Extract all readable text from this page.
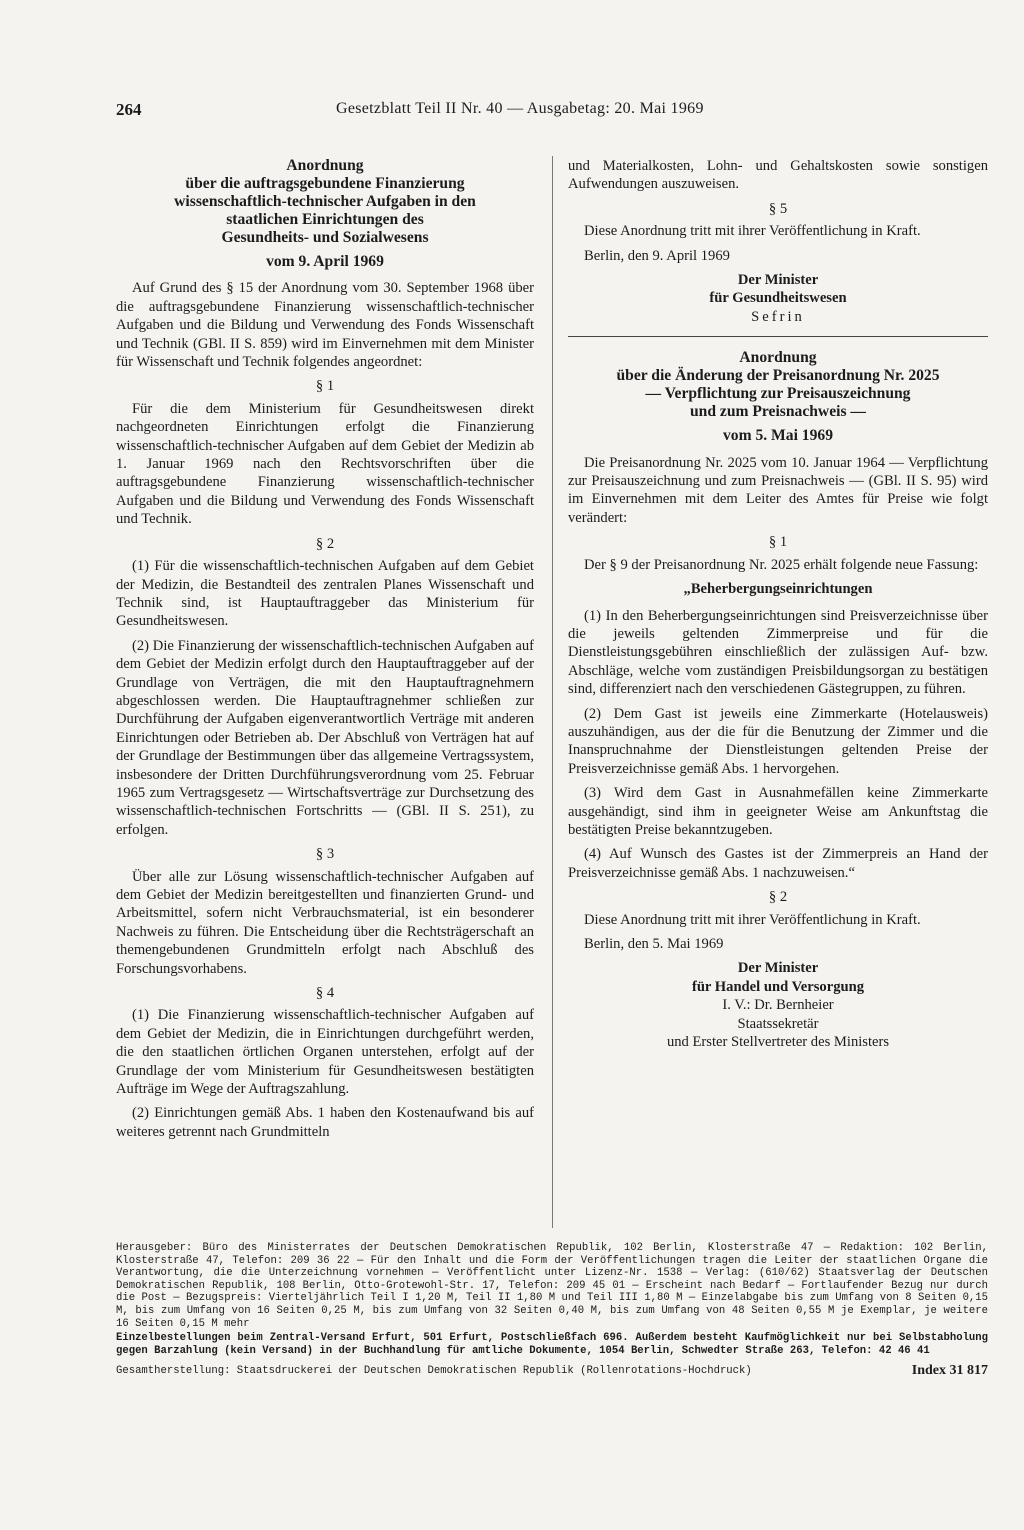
264	Gesetzblatt Teil II Nr. 40 — Ausgabetag: 20. Mai 1969
Anordnung
über die auftragsgebundene Finanzierung
wissenschaftlich-technischer Aufgaben in den
staatlichen Einrichtungen des
Gesundheits- und Sozialwesens
vom 9. April 1969

Auf Grund des § 15 der Anordnung vom 30. September 1968 über die auftragsgebundene Finanzierung wissenschaftlich-technischer Aufgaben und die Bildung und Verwendung des Fonds Wissenschaft und Technik (GBl. II S. 859) wird im Einvernehmen mit dem Minister für Wissenschaft und Technik folgendes angeordnet:

§ 1

Für die dem Ministerium für Gesundheitswesen direkt nachgeordneten Einrichtungen erfolgt die Finanzierung wissenschaftlich-technischer Aufgaben auf dem Gebiet der Medizin ab 1. Januar 1969 nach den Rechtsvorschriften über die auftragsgebundene Finanzierung wissenschaftlich-technischer Aufgaben und die Bildung und Verwendung des Fonds Wissenschaft und Technik.

§ 2

(1) Für die wissenschaftlich-technischen Aufgaben auf dem Gebiet der Medizin, die Bestandteil des zentralen Planes Wissenschaft und Technik sind, ist Hauptauftraggeber das Ministerium für Gesundheitswesen.

(2) Die Finanzierung der wissenschaftlich-technischen Aufgaben auf dem Gebiet der Medizin erfolgt durch den Hauptauftraggeber auf der Grundlage von Verträgen, die mit den Hauptauftragnehmern abgeschlossen werden. Die Hauptauftragnehmer schließen zur Durchführung der Aufgaben eigenverantwortlich Verträge mit anderen Einrichtungen oder Betrieben ab. Der Abschluß von Verträgen hat auf der Grundlage der Bestimmungen über das allgemeine Vertragssystem, insbesondere der Dritten Durchführungsverordnung vom 25. Februar 1965 zum Vertragsgesetz — Wirtschaftsverträge zur Durchsetzung des wissenschaftlich-technischen Fortschritts — (GBl. II S. 251), zu erfolgen.

§ 3

Über alle zur Lösung wissenschaftlich-technischer Aufgaben auf dem Gebiet der Medizin bereitgestellten und finanzierten Grund- und Arbeitsmittel, sofern nicht Verbrauchsmaterial, ist ein besonderer Nachweis zu führen. Die Entscheidung über die Rechtsträgerschaft an themengebundenen Grundmitteln erfolgt nach Abschluß des Forschungsvorhabens.

§ 4

(1) Die Finanzierung wissenschaftlich-technischer Aufgaben auf dem Gebiet der Medizin, die in Einrichtungen durchgeführt werden, die den staatlichen örtlichen Organen unterstehen, erfolgt auf der Grundlage der vom Ministerium für Gesundheitswesen bestätigten Aufträge im Wege der Auftragszahlung.

(2) Einrichtungen gemäß Abs. 1 haben den Kostenaufwand bis auf weiteres getrennt nach Grundmitteln

und Materialkosten, Lohn- und Gehaltskosten sowie sonstigen Aufwendungen auszuweisen.

§ 5

Diese Anordnung tritt mit ihrer Veröffentlichung in Kraft.

Berlin, den 9. April 1969

Der Minister
für Gesundheitswesen
Sefrin
Anordnung
über die Änderung der Preisanordnung Nr. 2025
— Verpflichtung zur Preisauszeichnung
und zum Preisnachweis —
vom 5. Mai 1969

Die Preisanordnung Nr. 2025 vom 10. Januar 1964 — Verpflichtung zur Preisauszeichnung und zum Preisnachweis — (GBl. II S. 95) wird im Einvernehmen mit dem Leiter des Amtes für Preise wie folgt verändert:

§ 1

Der § 9 der Preisanordnung Nr. 2025 erhält folgende neue Fassung:

„Beherbergungseinrichtungen

(1) In den Beherbergungseinrichtungen sind Preisverzeichnisse über die jeweils geltenden Zimmerpreise und für die Dienstleistungsgebühren einschließlich der zulässigen Auf- bzw. Abschläge, welche vom zuständigen Preisbildungsorgan zu bestätigen sind, differenziert nach den verschiedenen Gästegruppen, zu führen.

(2) Dem Gast ist jeweils eine Zimmerkarte (Hotelausweis) auszuhändigen, aus der die für die Benutzung der Zimmer und die Inanspruchnahme der Dienstleistungen geltenden Preise der Preisverzeichnisse gemäß Abs. 1 hervorgehen.

(3) Wird dem Gast in Ausnahmefällen keine Zimmerkarte ausgehändigt, sind ihm in geeigneter Weise am Ankunftstag die bestätigten Preise bekanntzugeben.

(4) Auf Wunsch des Gastes ist der Zimmerpreis an Hand der Preisverzeichnisse gemäß Abs. 1 nachzuweisen.“

§ 2

Diese Anordnung tritt mit ihrer Veröffentlichung in Kraft.

Berlin, den 5. Mai 1969

Der Minister
für Handel und Versorgung
I. V.: Dr. Bernheier
Staatssekretär
und Erster Stellvertreter des Ministers

Herausgeber: Büro des Ministerrates der Deutschen Demokratischen Republik, 102 Berlin, Klosterstraße 47 — Redaktion: 102 Berlin, Klosterstraße 47, Telefon: 209 36 22 — Für den Inhalt und die Form der Veröffentlichungen tragen die Leiter der staatlichen Organe die Verantwortung, die die Unterzeichnung vornehmen — Veröffentlicht unter Lizenz-Nr. 1538 — Verlag: (610/62) Staatsverlag der Deutschen Demokratischen Republik, 108 Berlin, Otto-Grotewohl-Str. 17, Telefon: 209 45 01 — Erscheint nach Bedarf — Fortlaufender Bezug nur durch die Post — Bezugspreis: Vierteljährlich Teil I 1,20 M, Teil II 1,80 M und Teil III 1,80 M — Einzelabgabe bis zum Umfang von 8 Seiten 0,15 M, bis zum Umfang von 16 Seiten 0,25 M, bis zum Umfang von 32 Seiten 0,40 M, bis zum Umfang von 48 Seiten 0,55 M je Exemplar, je weitere 16 Seiten 0,15 M mehr

Einzelbestellungen beim Zentral-Versand Erfurt, 501 Erfurt, Postschließfach 696. Außerdem besteht Kaufmöglichkeit nur bei Selbstabholung gegen Barzahlung (kein Versand) in der Buchhandlung für amtliche Dokumente, 1054 Berlin, Schwedter Straße 263, Telefon: 42 46 41

Gesamtherstellung: Staatsdruckerei der Deutschen Demokratischen Republik (Rollenrotations-Hochdruck)	Index 31 817
